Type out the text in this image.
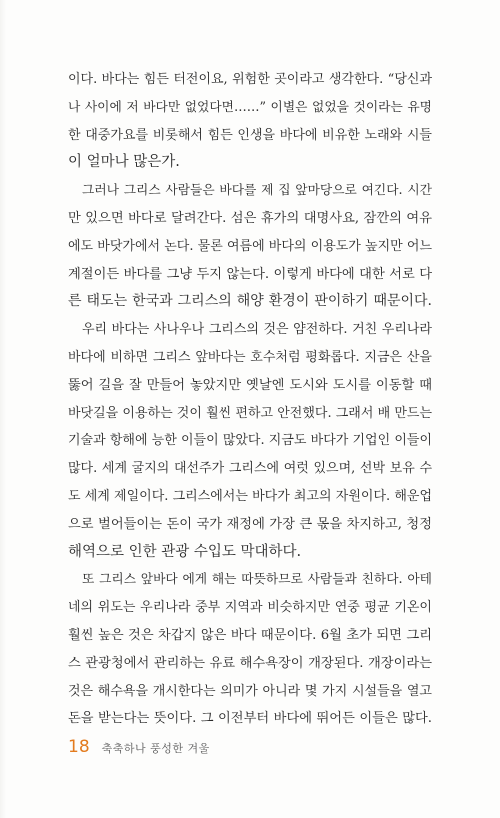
이다. 바다는 힘든 터전이요, 위험한 곳이라고 생각한다. “당신과
나 사이에 저 바다만 없었다면……” 이별은 없었을 것이라는 유명
한 대중가요를 비롯해서 힘든 인생을 바다에 비유한 노래와 시들
이 얼마나 많은가.
그러나 그리스 사람들은 바다를 제 집 앞마당으로 여긴다. 시간
만 있으면 바다로 달려간다. 섬은 휴가의 대명사요, 잠깐의 여유
에도 바닷가에서 논다. 물론 여름에 바다의 이용도가 높지만 어느
계절이든 바다를 그냥 두지 않는다. 이렇게 바다에 대한 서로 다
른 태도는 한국과 그리스의 해양 환경이 판이하기 때문이다.
우리 바다는 사나우나 그리스의 것은 얌전하다. 거친 우리나라
바다에 비하면 그리스 앞바다는 호수처럼 평화롭다. 지금은 산을
뚫어 길을 잘 만들어 놓았지만 옛날엔 도시와 도시를 이동할 때
바닷길을 이용하는 것이 훨씬 편하고 안전했다. 그래서 배 만드는
기술과 항해에 능한 이들이 많았다. 지금도 바다가 기업인 이들이
많다. 세계 굴지의 대선주가 그리스에 여럿 있으며, 선박 보유 수
도 세계 제일이다. 그리스에서는 바다가 최고의 자원이다. 해운업
으로 벌어들이는 돈이 국가 재정에 가장 큰 몫을 차지하고, 청정
해역으로 인한 관광 수입도 막대하다.
또 그리스 앞바다 에게 해는 따뜻하므로 사람들과 친하다. 아테
네의 위도는 우리나라 중부 지역과 비슷하지만 연중 평균 기온이
훨씬 높은 것은 차갑지 않은 바다 때문이다. 6월 초가 되면 그리
스 관광청에서 관리하는 유료 해수욕장이 개장된다. 개장이라는
것은 해수욕을 개시한다는 의미가 아니라 몇 가지 시설들을 열고
돈을 받는다는 뜻이다. 그 이전부터 바다에 뛰어든 이들은 많다.
18 축축하나 풍성한 겨울
